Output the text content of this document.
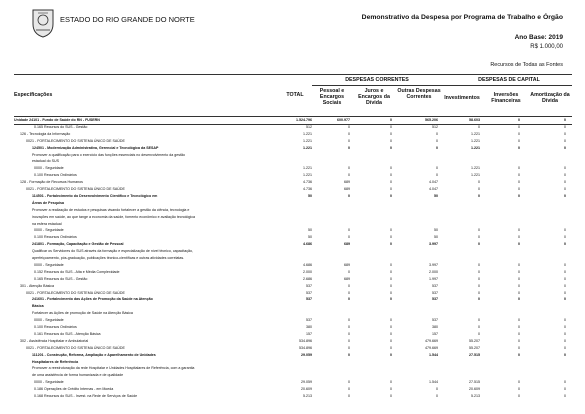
ESTADO DO RIO GRANDE DO NORTE	Demonstrativo da Despesa por Programa de Trabalho e Órgão
Ano Base: 2019
R$ 1.000,00
Recursos de Todas as Fontes
DESPESAS CORRENTES	DESPESAS DE CAPITAL
Especificações	TOTAL
Pessoal e Encargos Sociais
Juros e Encargos da Dívida
Outras Despesas Correntes	Investimentos	Inversões Financeiras
Amortização da Dívida
Unidade 24101 - Fundo de Saúde do RN - FUSERN	1.524.796	600.977	0	565.206	58.603	0	0
0.165 Recursos do SUS - Gestão	512	0	0	512	0	0	0
126 - Tecnologia da Informação	1.221	0	0	0	1.221	0	0
0021 - FORTALECIMENTO DO SISTEMA ÚNICO DE SAÚDE	1.221	0	0	0	1.221	0	0
124501 - Modernização Administrativa, Gerencial e Tecnológica da SESAP	1.221	0	0	0	1.221	0	0
Promover a qualificação para o exercício das funções essenciais no desenvolvimento da gestão
estadual do SUS
0000 - Seguridade	1.221	0	0	0	1.221	0	0
0.100 Recursos Ordinários	1.221	0	0	0	1.221	0	0
128 - Formação de Recursos Humanos	4.736	689	0	4.047	0	0	0
0021 - FORTALECIMENTO DO SISTEMA ÚNICO DE SAÚDE	4.736	689	0	4.047	0	0	0
114501 - Fortalecimento do Desenvolvimento Científico e Tecnológico em	50	0	0	50	0	0	0
Áreas de Pesquisa
Promover a realização de estudos e pesquisas visando fortalecer a gestão da ciência, tecnologia e
inovações em saúde, ao que tange a economia da saúde, fomento econômico e avaliação tecnológica
na esfera estadual
0000 - Seguridade	50	0	0	50	0	0	0
0.100 Recursos Ordinários	50	0	0	50	0	0	0
241801 - Formação, Capacitação e Gestão de Pessoal	4.686	689	0	3.997	0	0	0
Qualificar os Servidores do SUS através da formação e especialização de nível técnico, capacitação,
aperfeiçoamento, pós-graduação, publicações técnico-científicas e outras atividades correlatas.
0000 - Seguridade	4.686	689	0	3.997	0	0	0
0.152 Recursos do SUS - Alta e Média Complexidade	2.000	0	0	2.000	0	0	0
0.165 Recursos do SUS - Gestão	2.686	689	0	1.997	0	0	0
301 - Atenção Básica	537	0	0	537	0	0	0
0021 - FORTALECIMENTO DO SISTEMA ÚNICO DE SAÚDE	537	0	0	537	0	0	0
241601 - Fortalecimento das Ações de Promoção da Saúde na Atenção	537	0	0	537	0	0	0
Básica
Fortalecer as Ações de promoção de Saúde na Atenção Básica
0000 - Seguridade	537	0	0	537	0	0	0
0.100 Recursos Ordinários	380	0	0	380	0	0	0
0.161 Recursos do SUS - Atenção Básica	157	0	0	157	0	0	0
302 - Assistência Hospitalar e Ambulatorial	534.896	0	0	479.669	55.207	0	0
0021 - FORTALECIMENTO DO SISTEMA ÚNICO DE SAÚDE	534.896	0	0	479.669	55.207	0	0
111201 - Construção, Reforma, Ampliação e Aparelhamento de Unidades	29.059	0	0	1.544	27.515	0	0
Hospitalares de Referência
Promover a reestruturação da rede Hospitalar e Unidades Hospitalares de Referência, com a garantia
de uma assistência de forma humanizada e de qualidade
0000 - Seguridade	29.059	0	0	1.544	27.515	0	0
0.186 Operações de Crédito Internas - em Moeda	20.609	0	0	0	20.609	0	0
0.168 Recursos do SUS - Invest. na Rede de Serviços de Saúde	5.213	0	0	0	5.213	0	0
